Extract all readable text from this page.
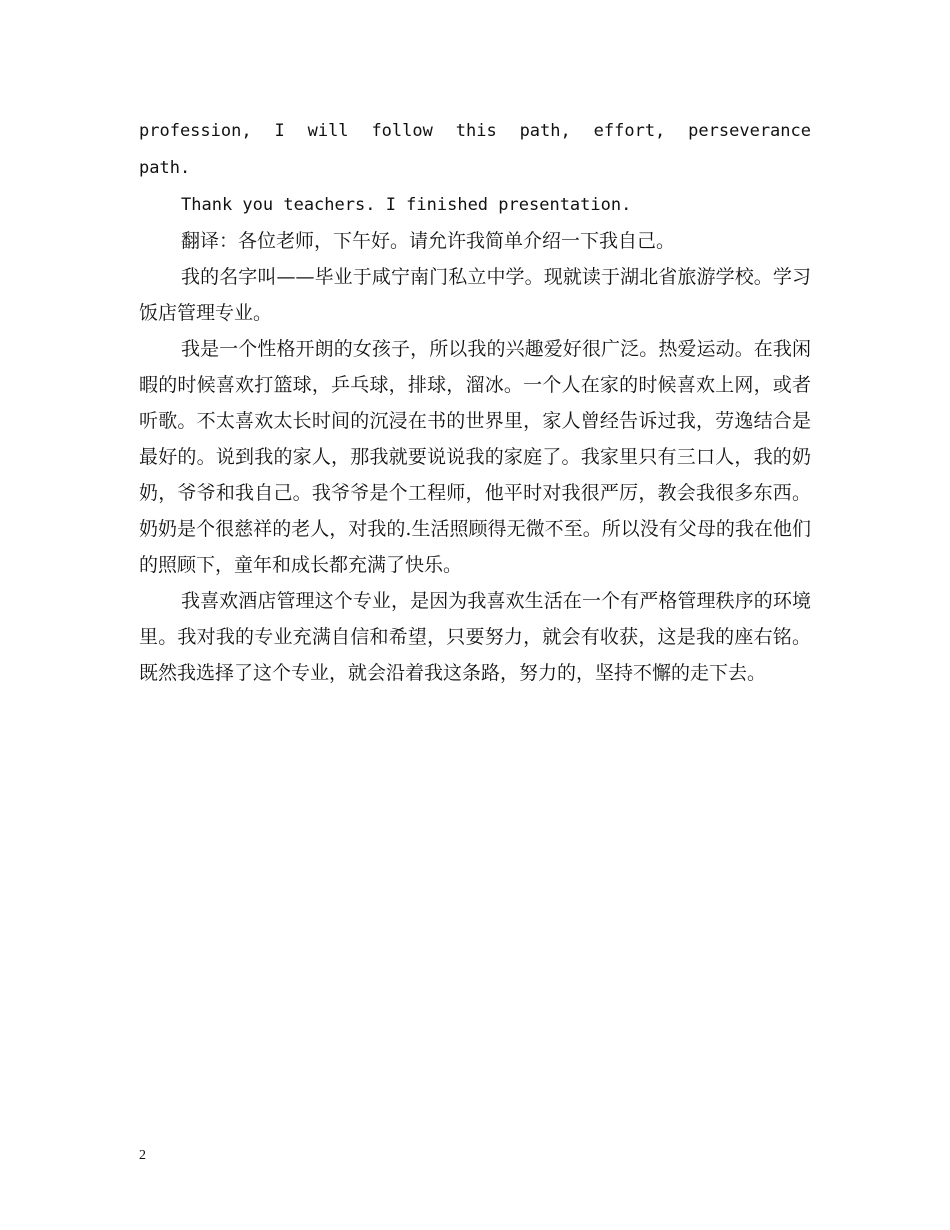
profession, I will follow this path, effort, perseverance
path.

Thank you teachers. I finished presentation.

翻译：各位老师，下午好。请允许我简单介绍一下我自己。

我的名字叫——毕业于咸宁南门私立中学。现就读于湖北省旅游学校。学习饭店管理专业。

我是一个性格开朗的女孩子，所以我的兴趣爱好很广泛。热爱运动。在我闲暇的时候喜欢打篮球，乒乓球，排球，溜冰。一个人在家的时候喜欢上网，或者听歌。不太喜欢太长时间的沉浸在书的世界里，家人曾经告诉过我，劳逸结合是最好的。说到我的家人，那我就要说说我的家庭了。我家里只有三口人，我的奶奶，爷爷和我自己。我爷爷是个工程师，他平时对我很严厉，教会我很多东西。奶奶是个很慈祥的老人，对我的.生活照顾得无微不至。所以没有父母的我在他们的照顾下，童年和成长都充满了快乐。

我喜欢酒店管理这个专业，是因为我喜欢生活在一个有严格管理秩序的环境里。我对我的专业充满自信和希望，只要努力，就会有收获，这是我的座右铭。既然我选择了这个专业，就会沿着我这条路，努力的，坚持不懈的走下去。

2
